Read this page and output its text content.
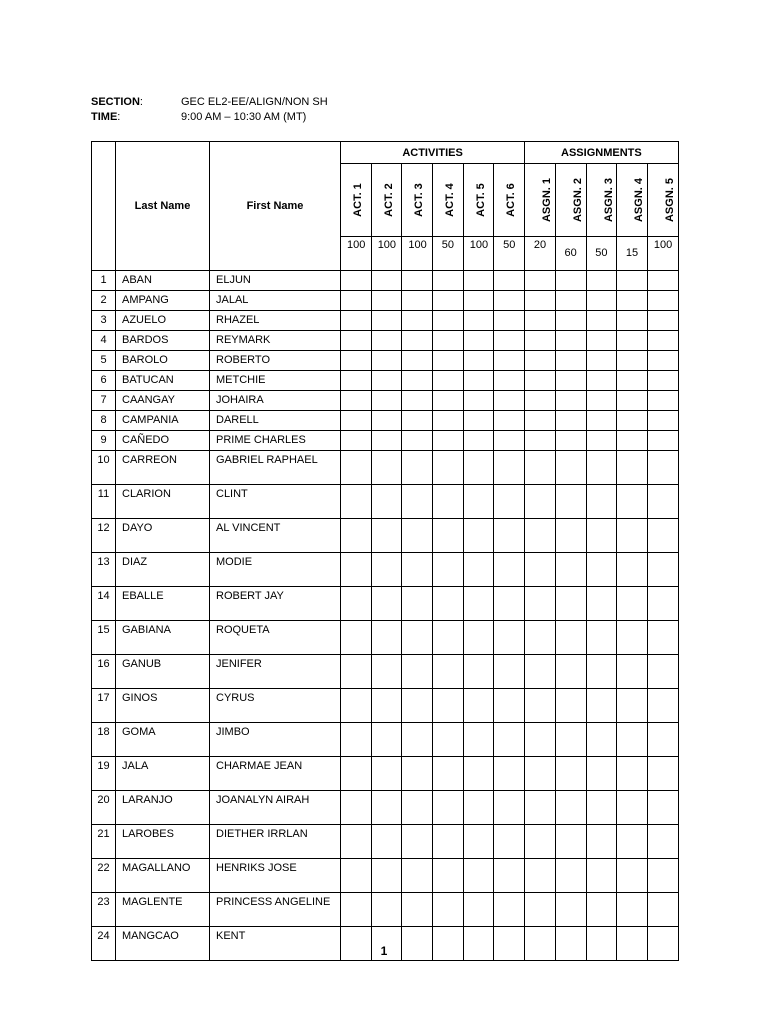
SECTION:	GEC EL2-EE/ALIGN/NON SH
TIME:	9:00 AM – 10:30 AM (MT)
	Last Name	First Name	ACTIVITIES						ASSIGNMENTS				
			ACT. 1	ACT. 2	ACT. 3	ACT. 4	ACT. 5	ACT. 6	ASGN. 1	ASGN. 2	ASGN. 3	ASGN. 4	ASGN. 5
			100	100	100	50	100	50	20	60	50	15	100
1	ABAN	ELJUN											
2	AMPANG	JALAL											
3	AZUELO	RHAZEL											
4	BARDOS	REYMARK											
5	BAROLO	ROBERTO											
6	BATUCAN	METCHIE											
7	CAANGAY	JOHAIRA											
8	CAMPANIA	DARELL											
9	CAÑEDO	PRIME CHARLES											
10	CARREON	GABRIEL RAPHAEL											
11	CLARION	CLINT											
12	DAYO	AL VINCENT											
13	DIAZ	MODIE											
14	EBALLE	ROBERT JAY											
15	GABIANA	ROQUETA											
16	GANUB	JENIFER											
17	GINOS	CYRUS											
18	GOMA	JIMBO											
19	JALA	CHARMAE JEAN											
20	LARANJO	JOANALYN AIRAH											
21	LAROBES	DIETHER IRRLAN											
22	MAGALLANO	HENRIKS JOSE											
23	MAGLENTE	PRINCESS ANGELINE											
24	MANGCAO	KENT											
1
